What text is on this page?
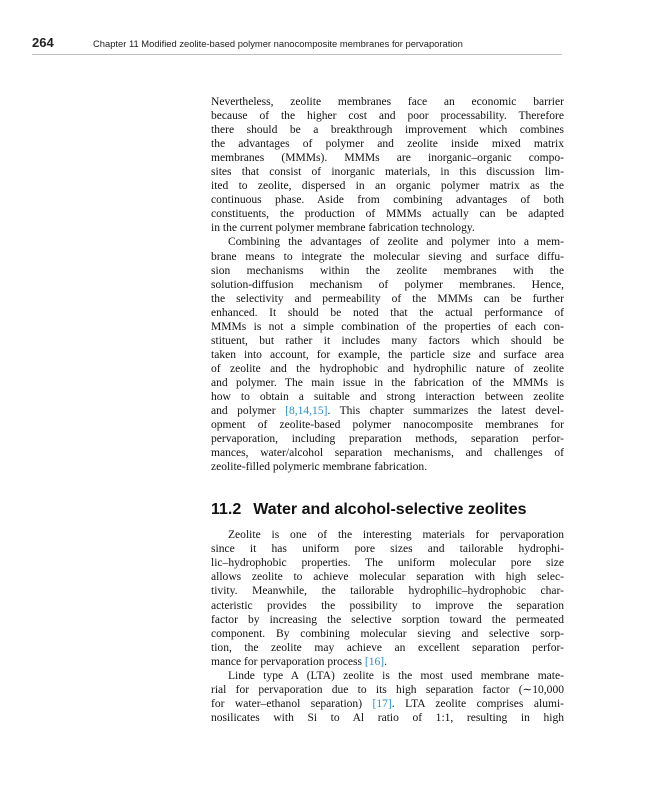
264	Chapter 11 Modified zeolite-based polymer nanocomposite membranes for pervaporation

Nevertheless, zeolite membranes face an economic barrier
because of the higher cost and poor processability. Therefore
there should be a breakthrough improvement which combines
the advantages of polymer and zeolite inside mixed matrix
membranes (MMMs). MMMs are inorganic–organic compo-
sites that consist of inorganic materials, in this discussion lim-
ited to zeolite, dispersed in an organic polymer matrix as the
continuous phase. Aside from combining advantages of both
constituents, the production of MMMs actually can be adapted
in the current polymer membrane fabrication technology.

Combining the advantages of zeolite and polymer into a mem-
brane means to integrate the molecular sieving and surface diffu-
sion mechanisms within the zeolite membranes with the
solution-diffusion mechanism of polymer membranes. Hence,
the selectivity and permeability of the MMMs can be further
enhanced. It should be noted that the actual performance of
MMMs is not a simple combination of the properties of each con-
stituent, but rather it includes many factors which should be
taken into account, for example, the particle size and surface area
of zeolite and the hydrophobic and hydrophilic nature of zeolite
and polymer. The main issue in the fabrication of the MMMs is
how to obtain a suitable and strong interaction between zeolite
and polymer [8,14,15]. This chapter summarizes the latest devel-
opment of zeolite-based polymer nanocomposite membranes for
pervaporation, including preparation methods, separation perfor-
mances, water/alcohol separation mechanisms, and challenges of
zeolite-filled polymeric membrane fabrication.

11.2 Water and alcohol-selective zeolites

Zeolite is one of the interesting materials for pervaporation
since it has uniform pore sizes and tailorable hydrophi-
lic–hydrophobic properties. The uniform molecular pore size
allows zeolite to achieve molecular separation with high selec-
tivity. Meanwhile, the tailorable hydrophilic–hydrophobic char-
acteristic provides the possibility to improve the separation
factor by increasing the selective sorption toward the permeated
component. By combining molecular sieving and selective sorp-
tion, the zeolite may achieve an excellent separation perfor-
mance for pervaporation process [16].

Linde type A (LTA) zeolite is the most used membrane mate-
rial for pervaporation due to its high separation factor (∼10,000
for water–ethanol separation) [17]. LTA zeolite comprises alumi-
nosilicates with Si to Al ratio of 1:1, resulting in high
